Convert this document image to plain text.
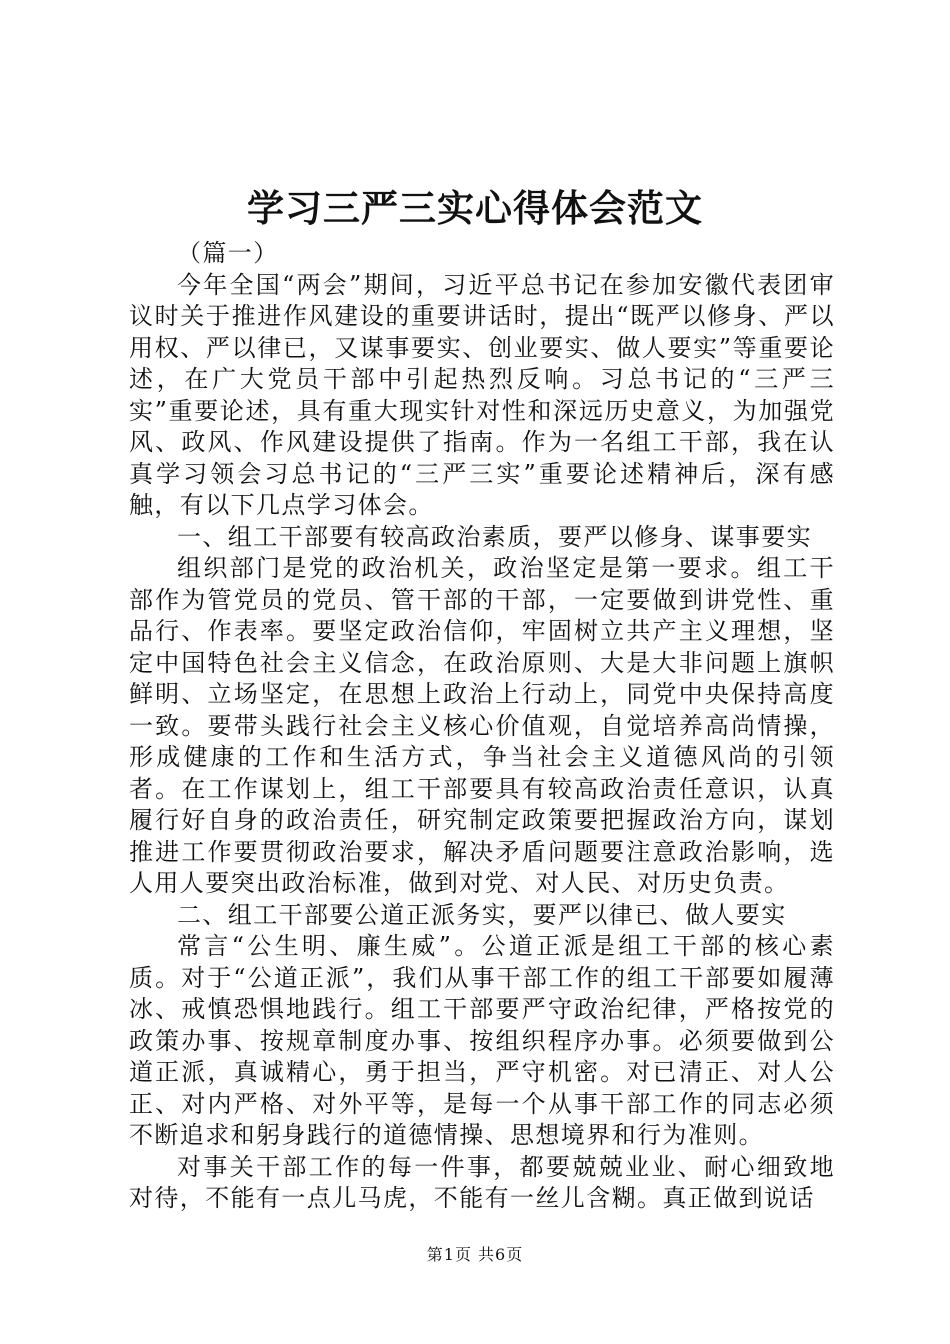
学习三严三实心得体会范文

（篇一）

今年全国“两会”期间，习近平总书记在参加安徽代表团审议时关于推进作风建设的重要讲话时，提出“既严以修身、严以用权、严以律已，又谋事要实、创业要实、做人要实”等重要论述，在广大党员干部中引起热烈反响。习总书记的“三严三实”重要论述，具有重大现实针对性和深远历史意义，为加强党风、政风、作风建设提供了指南。作为一名组工干部，我在认真学习领会习总书记的“三严三实”重要论述精神后，深有感触，有以下几点学习体会。

一、组工干部要有较高政治素质，要严以修身、谋事要实

组织部门是党的政治机关，政治坚定是第一要求。组工干部作为管党员的党员、管干部的干部，一定要做到讲党性、重品行、作表率。要坚定政治信仰，牢固树立共产主义理想，坚定中国特色社会主义信念，在政治原则、大是大非问题上旗帜鲜明、立场坚定，在思想上政治上行动上，同党中央保持高度一致。要带头践行社会主义核心价值观，自觉培养高尚情操，形成健康的工作和生活方式，争当社会主义道德风尚的引领者。在工作谋划上，组工干部要具有较高政治责任意识，认真履行好自身的政治责任，研究制定政策要把握政治方向，谋划推进工作要贯彻政治要求，解决矛盾问题要注意政治影响，选人用人要突出政治标准，做到对党、对人民、对历史负责。

二、组工干部要公道正派务实，要严以律已、做人要实

常言“公生明、廉生威”。公道正派是组工干部的核心素质。对于“公道正派”，我们从事干部工作的组工干部要如履薄冰、戒慎恐惧地践行。组工干部要严守政治纪律，严格按党的政策办事、按规章制度办事、按组织程序办事。必须要做到公道正派，真诚精心，勇于担当，严守机密。对已清正、对人公正、对内严格、对外平等，是每一个从事干部工作的同志必须不断追求和躬身践行的道德情操、思想境界和行为准则。

对事关干部工作的每一件事，都要兢兢业业、耐心细致地对待，不能有一点儿马虎，不能有一丝儿含糊。真正做到说话

第1页 共6页
